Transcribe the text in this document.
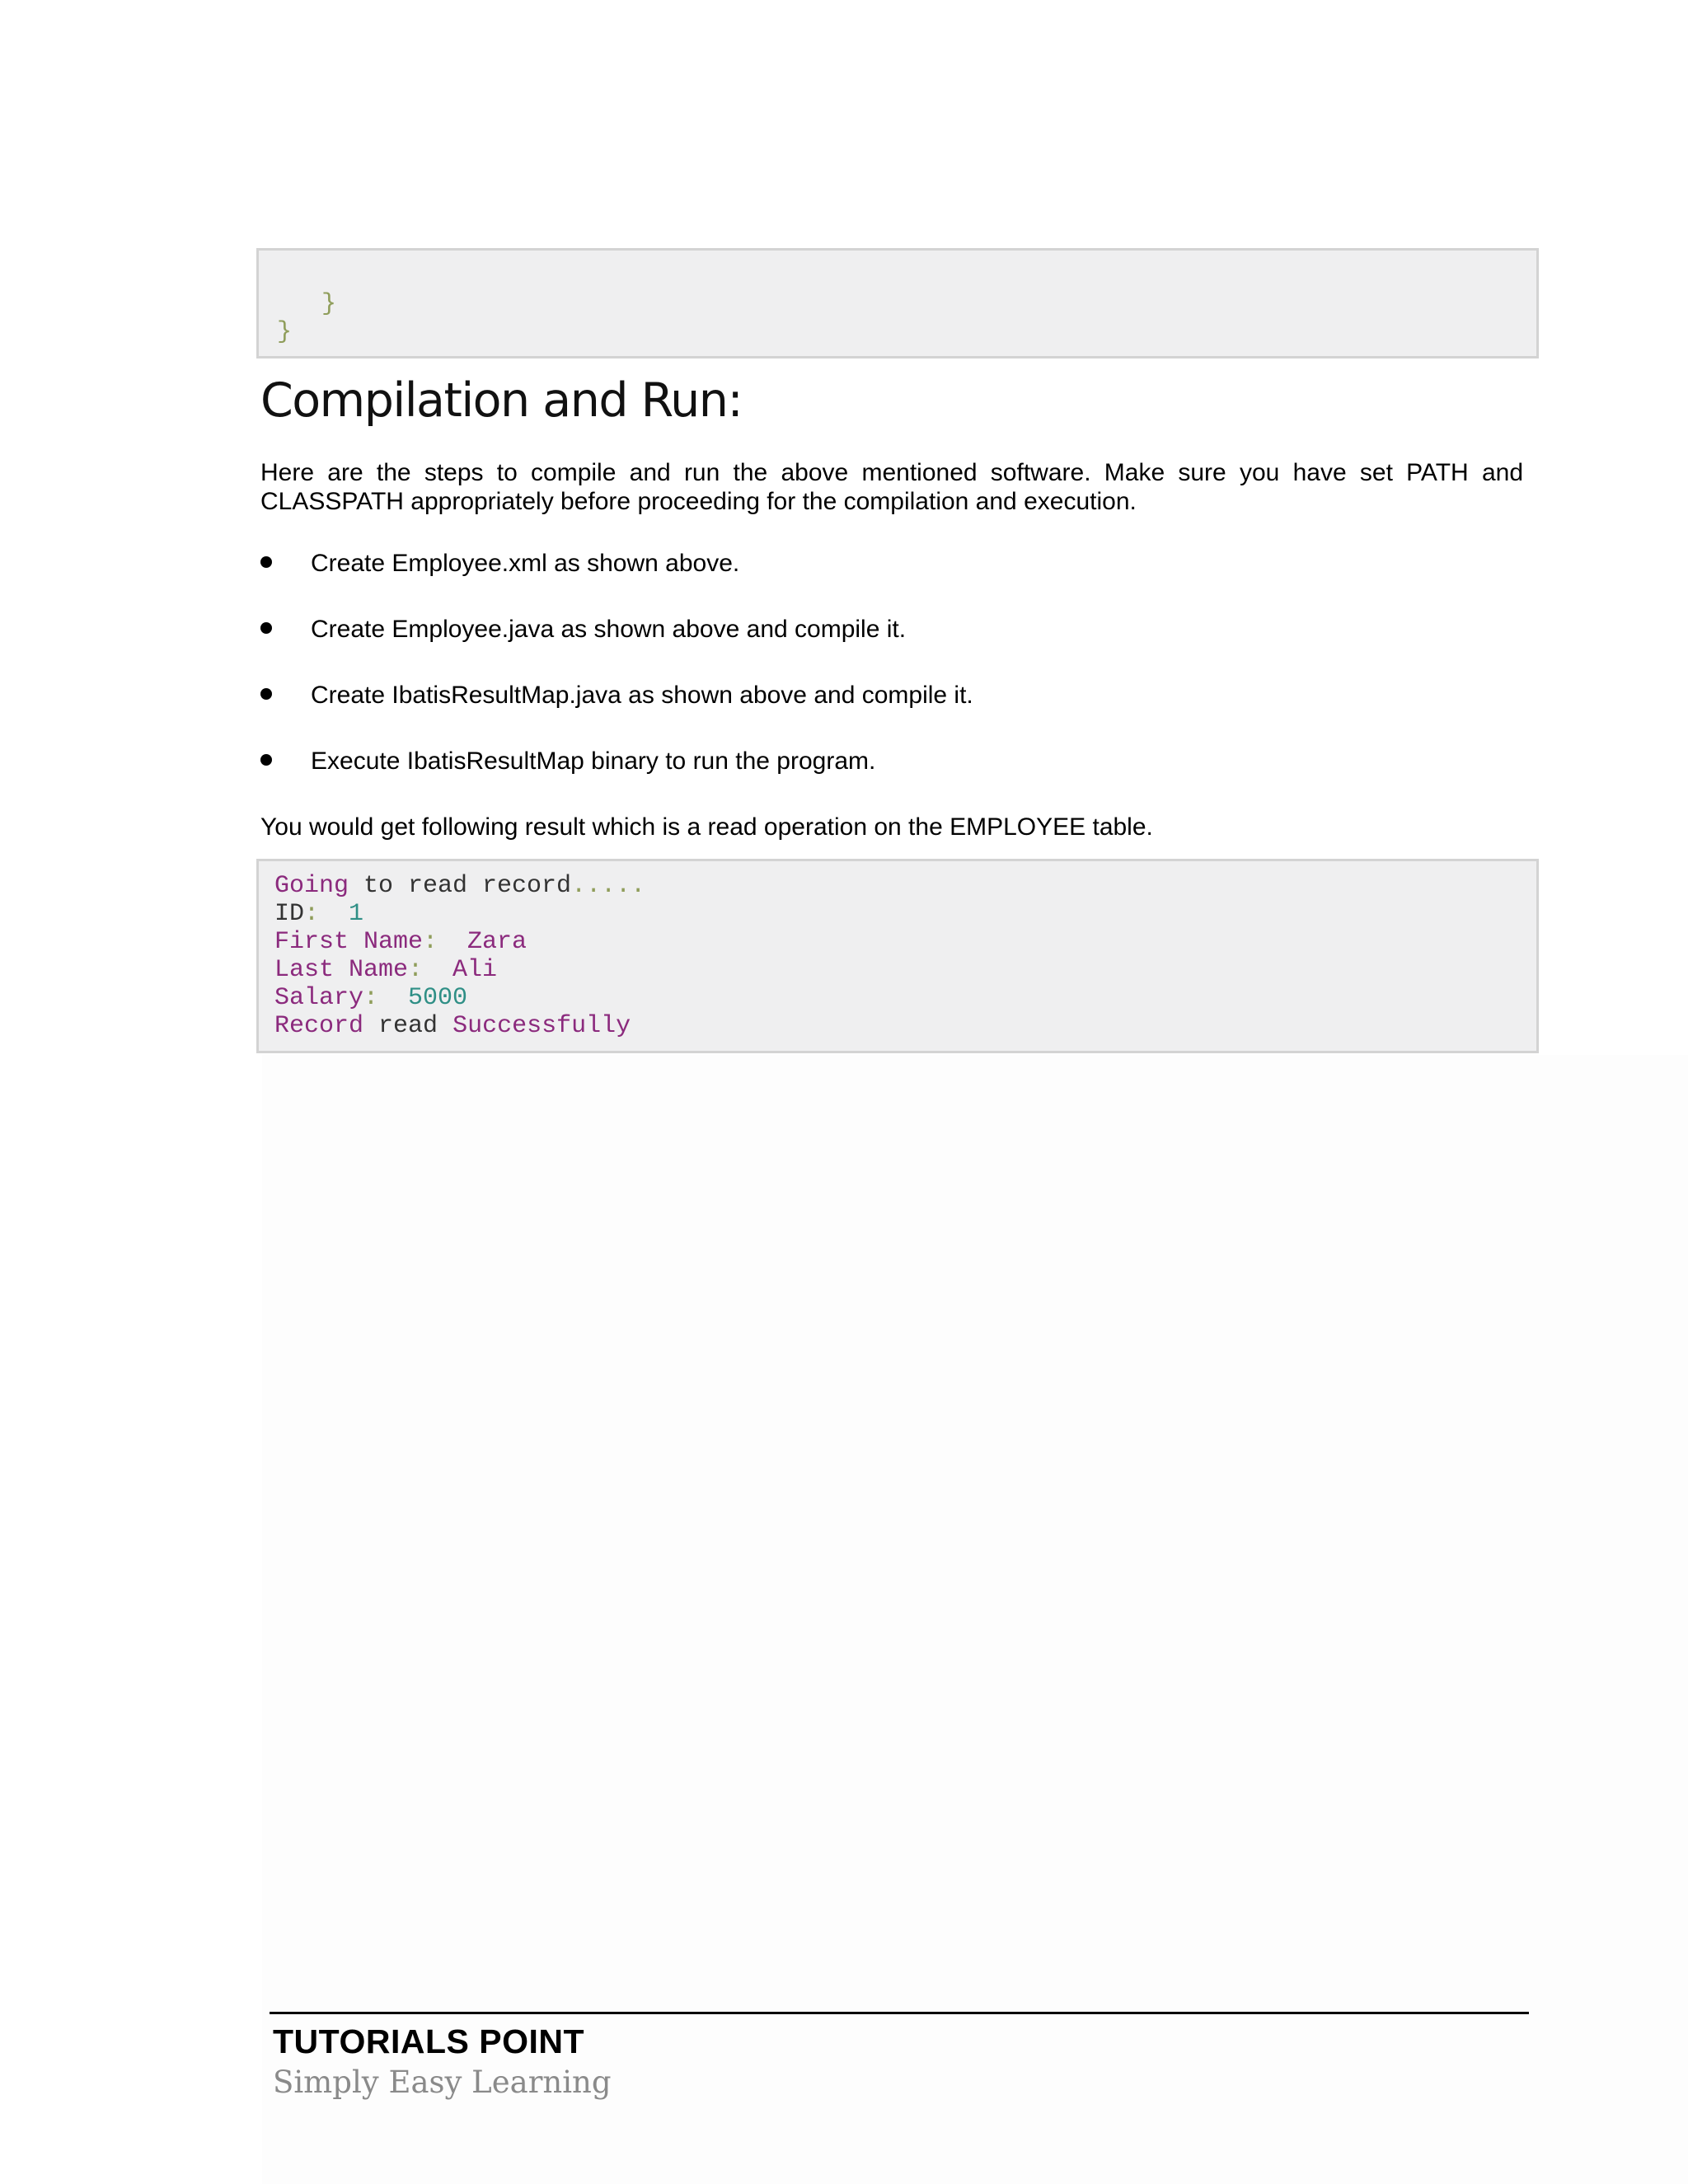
}
}
Compilation and Run:

Here are the steps to compile and run the above mentioned software. Make sure you have set PATH and CLASSPATH appropriately before proceeding for the compilation and execution.

Create Employee.xml as shown above.
Create Employee.java as shown above and compile it.
Create IbatisResultMap.java as shown above and compile it.
Execute IbatisResultMap binary to run the program.

You would get following result which is a read operation on the EMPLOYEE table.

Going to read record.....
ID:  1
First Name:  Zara
Last Name:  Ali
Salary:  5000
Record read Successfully
TUTORIALS POINT
Simply Easy Learning
